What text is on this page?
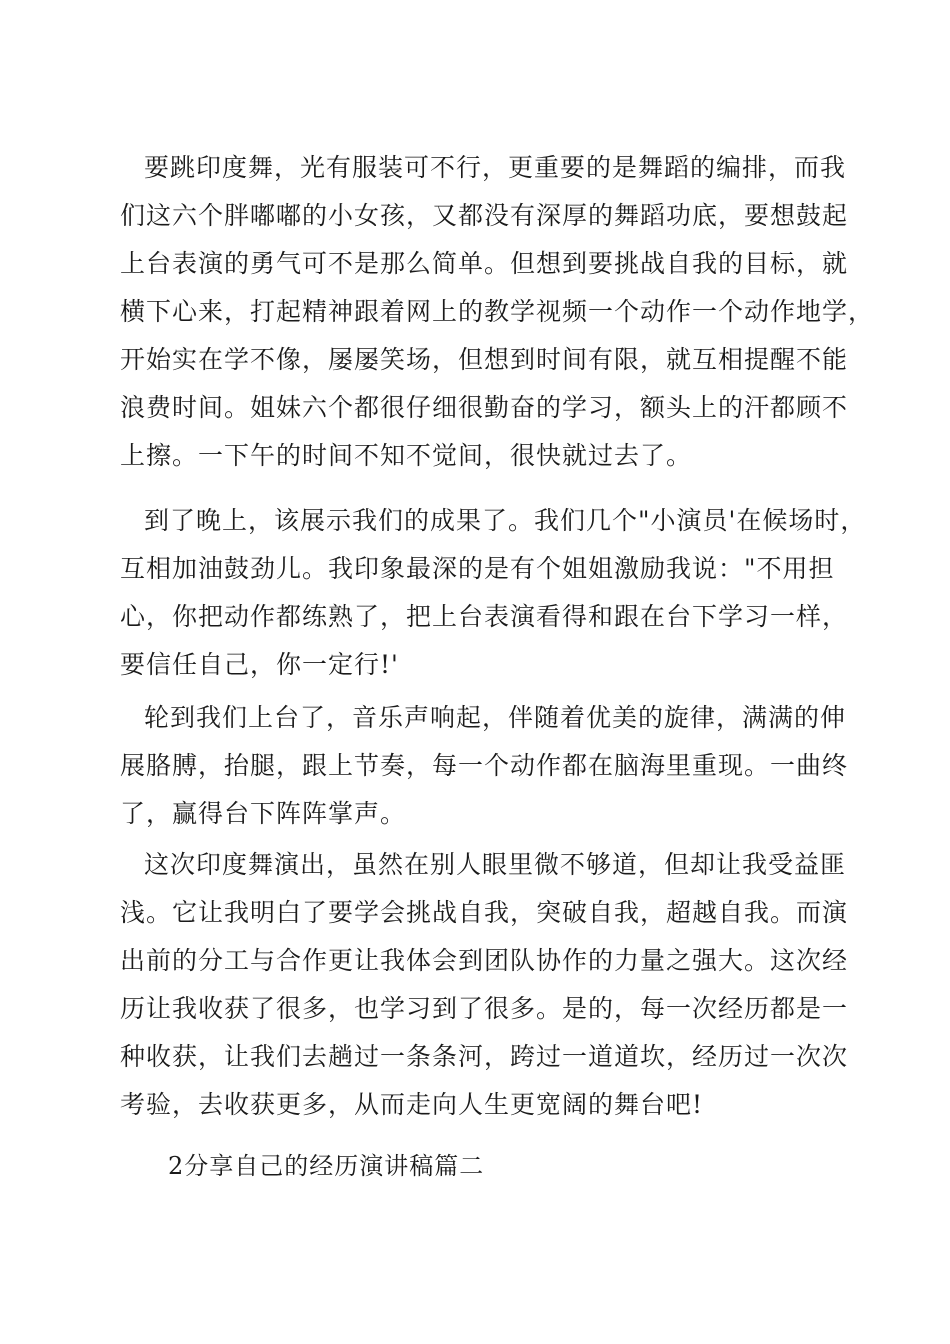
要跳印度舞，光有服装可不行，更重要的是舞蹈的编排，而我
们这六个胖嘟嘟的小女孩，又都没有深厚的舞蹈功底，要想鼓起
上台表演的勇气可不是那么简单。但想到要挑战自我的目标，就
横下心来，打起精神跟着网上的教学视频一个动作一个动作地学，
开始实在学不像，屡屡笑场，但想到时间有限，就互相提醒不能
浪费时间。姐妹六个都很仔细很勤奋的学习，额头上的汗都顾不
上擦。一下午的时间不知不觉间，很快就过去了。
到了晚上，该展示我们的成果了。我们几个"小演员'在候场时，
互相加油鼓劲儿。我印象最深的是有个姐姐激励我说："不用担
心，你把动作都练熟了，把上台表演看得和跟在台下学习一样，
要信任自己，你一定行!'
轮到我们上台了，音乐声响起，伴随着优美的旋律，满满的伸
展胳膊，抬腿，跟上节奏，每一个动作都在脑海里重现。一曲终
了，赢得台下阵阵掌声。
这次印度舞演出，虽然在别人眼里微不够道，但却让我受益匪
浅。它让我明白了要学会挑战自我，突破自我，超越自我。而演
出前的分工与合作更让我体会到团队协作的力量之强大。这次经
历让我收获了很多，也学习到了很多。是的，每一次经历都是一
种收获，让我们去趟过一条条河，跨过一道道坎，经历过一次次
考验，去收获更多，从而走向人生更宽阔的舞台吧!
2分享自己的经历演讲稿篇二
